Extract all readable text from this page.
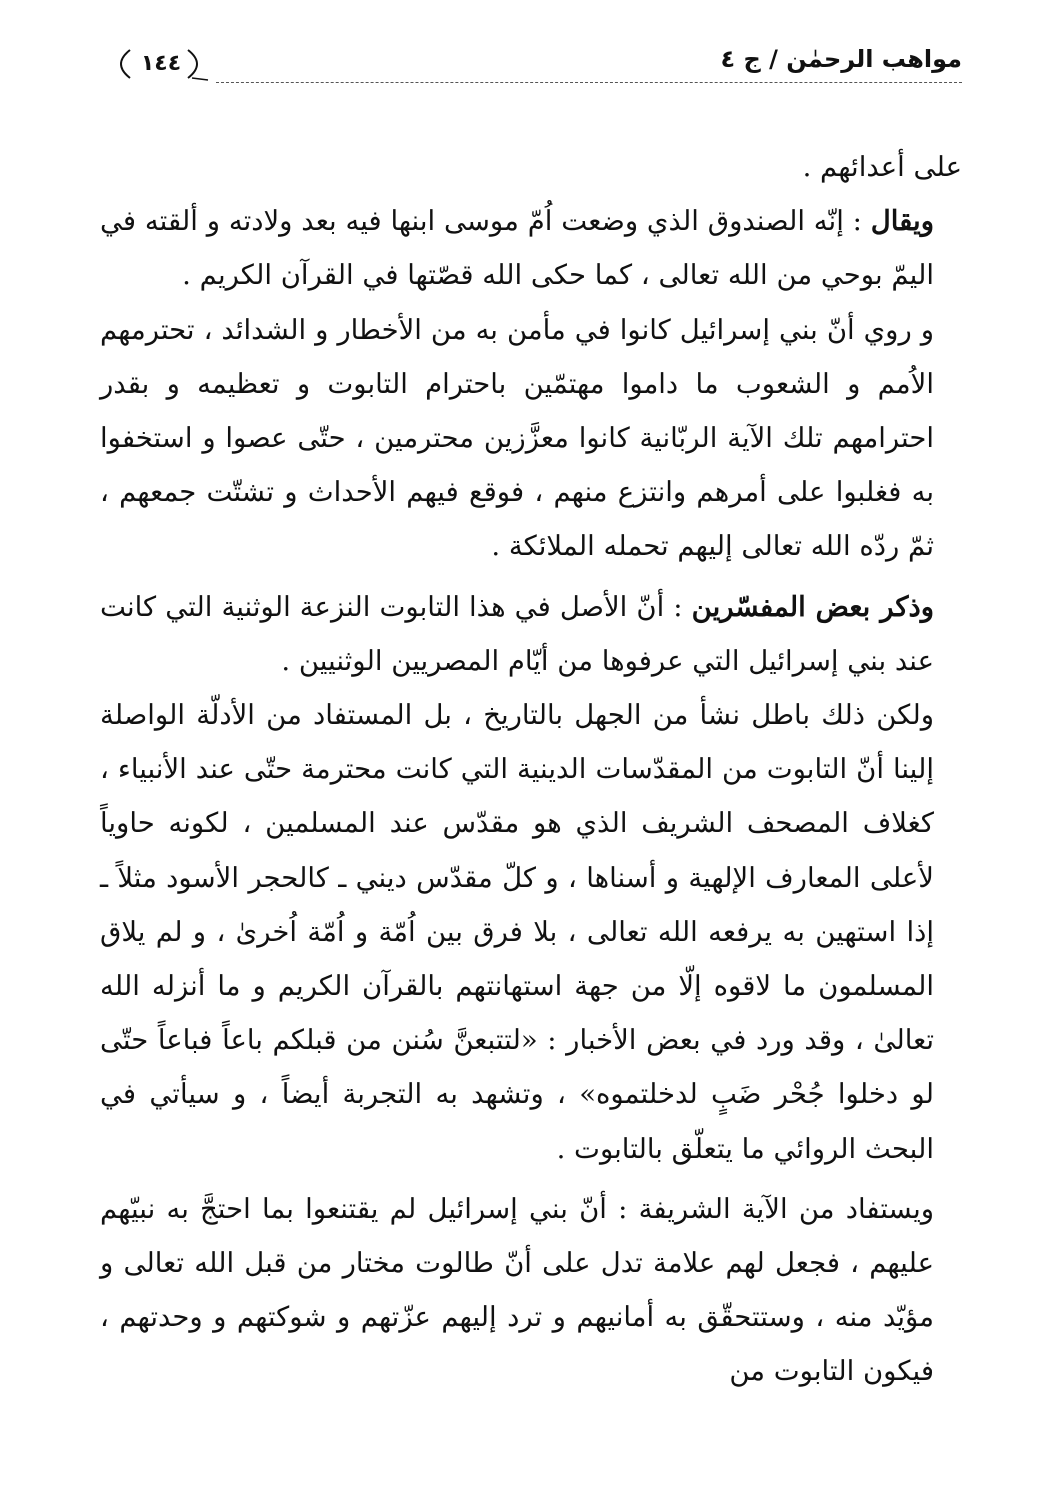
مواهب الرحمٰن / ج ٤
١٤٤

على أعدائهم .

ويقال : إنّه الصندوق الذي وضعت اُمّ موسى ابنها فيه بعد ولادته و ألقته في اليمّ بوحي من الله تعالى ، كما حكى الله قصّتها في القرآن الكريم .

و روي أنّ بني إسرائيل كانوا في مأمن به من الأخطار و الشدائد ، تحترمهم الاُمم و الشعوب ما داموا مهتمّين باحترام التابوت و تعظيمه و بقدر احترامهم تلك الآية الربّانية كانوا معزَّزين محترمين ، حتّى عصوا و استخفوا به فغلبوا على أمرهم وانتزع منهم ، فوقع فيهم الأحداث و تشتّت جمعهم ، ثمّ ردّه الله تعالى إليهم تحمله الملائكة .

وذكر بعض المفسّرين : أنّ الأصل في هذا التابوت النزعة الوثنية التي كانت عند بني إسرائيل التي عرفوها من أيّام المصريين الوثنيين .

ولكن ذلك باطل نشأ من الجهل بالتاريخ ، بل المستفاد من الأدلّة الواصلة إلينا أنّ التابوت من المقدّسات الدينية التي كانت محترمة حتّى عند الأنبياء ، كغلاف المصحف الشريف الذي هو مقدّس عند المسلمين ، لكونه حاوياً لأعلى المعارف الإلهية و أسناها ، و كلّ مقدّس ديني ـ كالحجر الأسود مثلاً ـ إذا استهين به يرفعه الله تعالى ، بلا فرق بين اُمّة و اُمّة اُخرىٰ ، و لم يلاق المسلمون ما لاقوه إلّا من جهة استهانتهم بالقرآن الكريم و ما أنزله الله تعالىٰ ، وقد ورد في بعض الأخبار : «لتتبعنَّ سُنن من قبلكم باعاً فباعاً حتّى لو دخلوا جُحْر ضَبٍ لدخلتموه» ، وتشهد به التجربة أيضاً ، و سيأتي في البحث الروائي ما يتعلّق بالتابوت .

ويستفاد من الآية الشريفة : أنّ بني إسرائيل لم يقتنعوا بما احتجَّ به نبيّهم عليهم ، فجعل لهم علامة تدل على أنّ طالوت مختار من قبل الله تعالى و مؤيّد منه ، وستتحقّق به أمانيهم و ترد إليهم عزّتهم و شوكتهم و وحدتهم ، فيكون التابوت من
